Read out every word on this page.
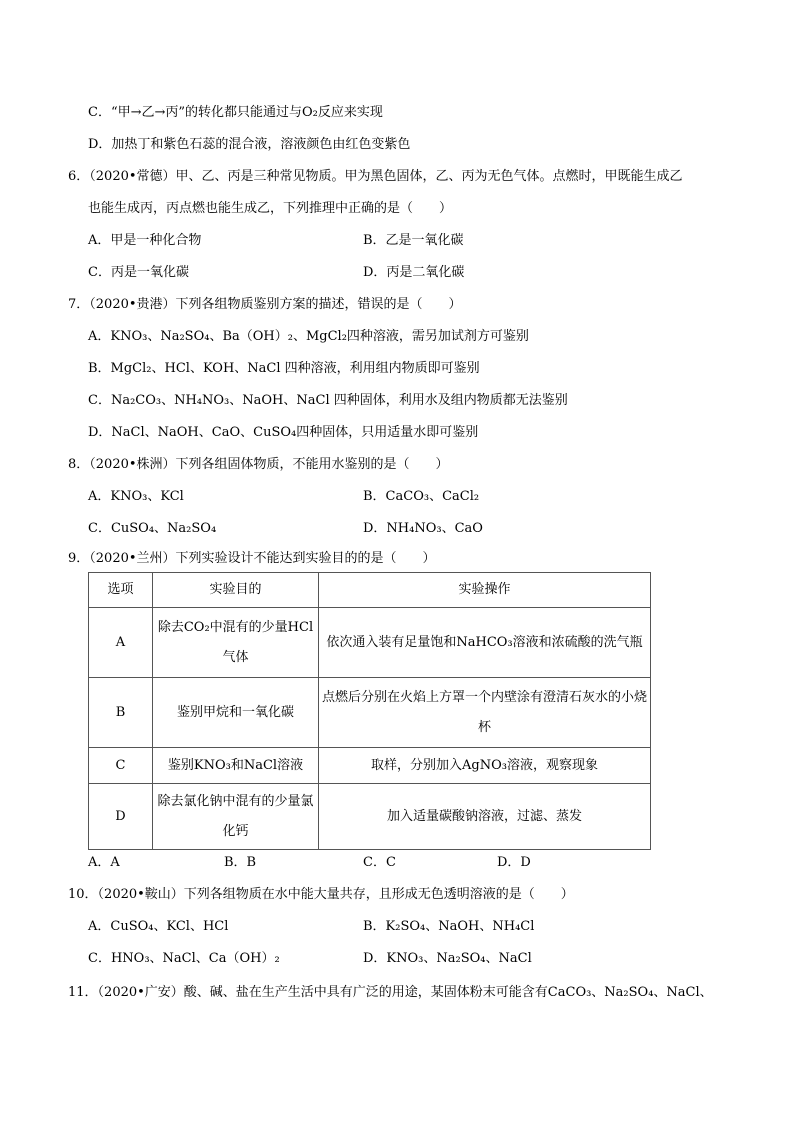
C．“甲→乙→丙”的转化都只能通过与O₂反应来实现
D．加热丁和紫色石蕊的混合液，溶液颜色由红色变紫色
6．（2020•常德）甲、乙、丙是三种常见物质。甲为黑色固体，乙、丙为无色气体。点燃时，甲既能生成乙
也能生成丙，丙点燃也能生成乙，下列推理中正确的是（　　）
A．甲是一种化合物	B．乙是一氧化碳
C．丙是一氧化碳	D．丙是二氧化碳
7．（2020•贵港）下列各组物质鉴别方案的描述，错误的是（　　）
A．KNO₃、Na₂SO₄、Ba（OH）₂、MgCl₂四种溶液，需另加试剂方可鉴别
B．MgCl₂、HCl、KOH、NaCl 四种溶液，利用组内物质即可鉴别
C．Na₂CO₃、NH₄NO₃、NaOH、NaCl 四种固体，利用水及组内物质都无法鉴别
D．NaCl、NaOH、CaO、CuSO₄四种固体，只用适量水即可鉴别
8．（2020•株洲）下列各组固体物质，不能用水鉴别的是（　　）
A．KNO₃、KCl	B．CaCO₃、CaCl₂
C．CuSO₄、Na₂SO₄	D．NH₄NO₃、CaO
9．（2020•兰州）下列实验设计不能达到实验目的的是（　　）
选项	实验目的	实验操作
A	除去CO₂中混有的少量HCl气体	依次通入装有足量饱和NaHCO₃溶液和浓硫酸的洗气瓶
B	鉴别甲烷和一氧化碳	点燃后分别在火焰上方罩一个内壁涂有澄清石灰水的小烧杯
C	鉴别KNO₃和NaCl溶液	取样，分别加入AgNO₃溶液，观察现象
D	除去氯化钠中混有的少量氯化钙	加入适量碳酸钠溶液，过滤、蒸发
A．A	B．B	C．C	D．D
10．（2020•鞍山）下列各组物质在水中能大量共存，且形成无色透明溶液的是（　　）
A．CuSO₄、KCl、HCl	B．K₂SO₄、NaOH、NH₄Cl
C．HNO₃、NaCl、Ca（OH）₂	D．KNO₃、Na₂SO₄、NaCl
11．（2020•广安）酸、碱、盐在生产生活中具有广泛的用途，某固体粉末可能含有CaCO₃、Na₂SO₄、NaCl、
